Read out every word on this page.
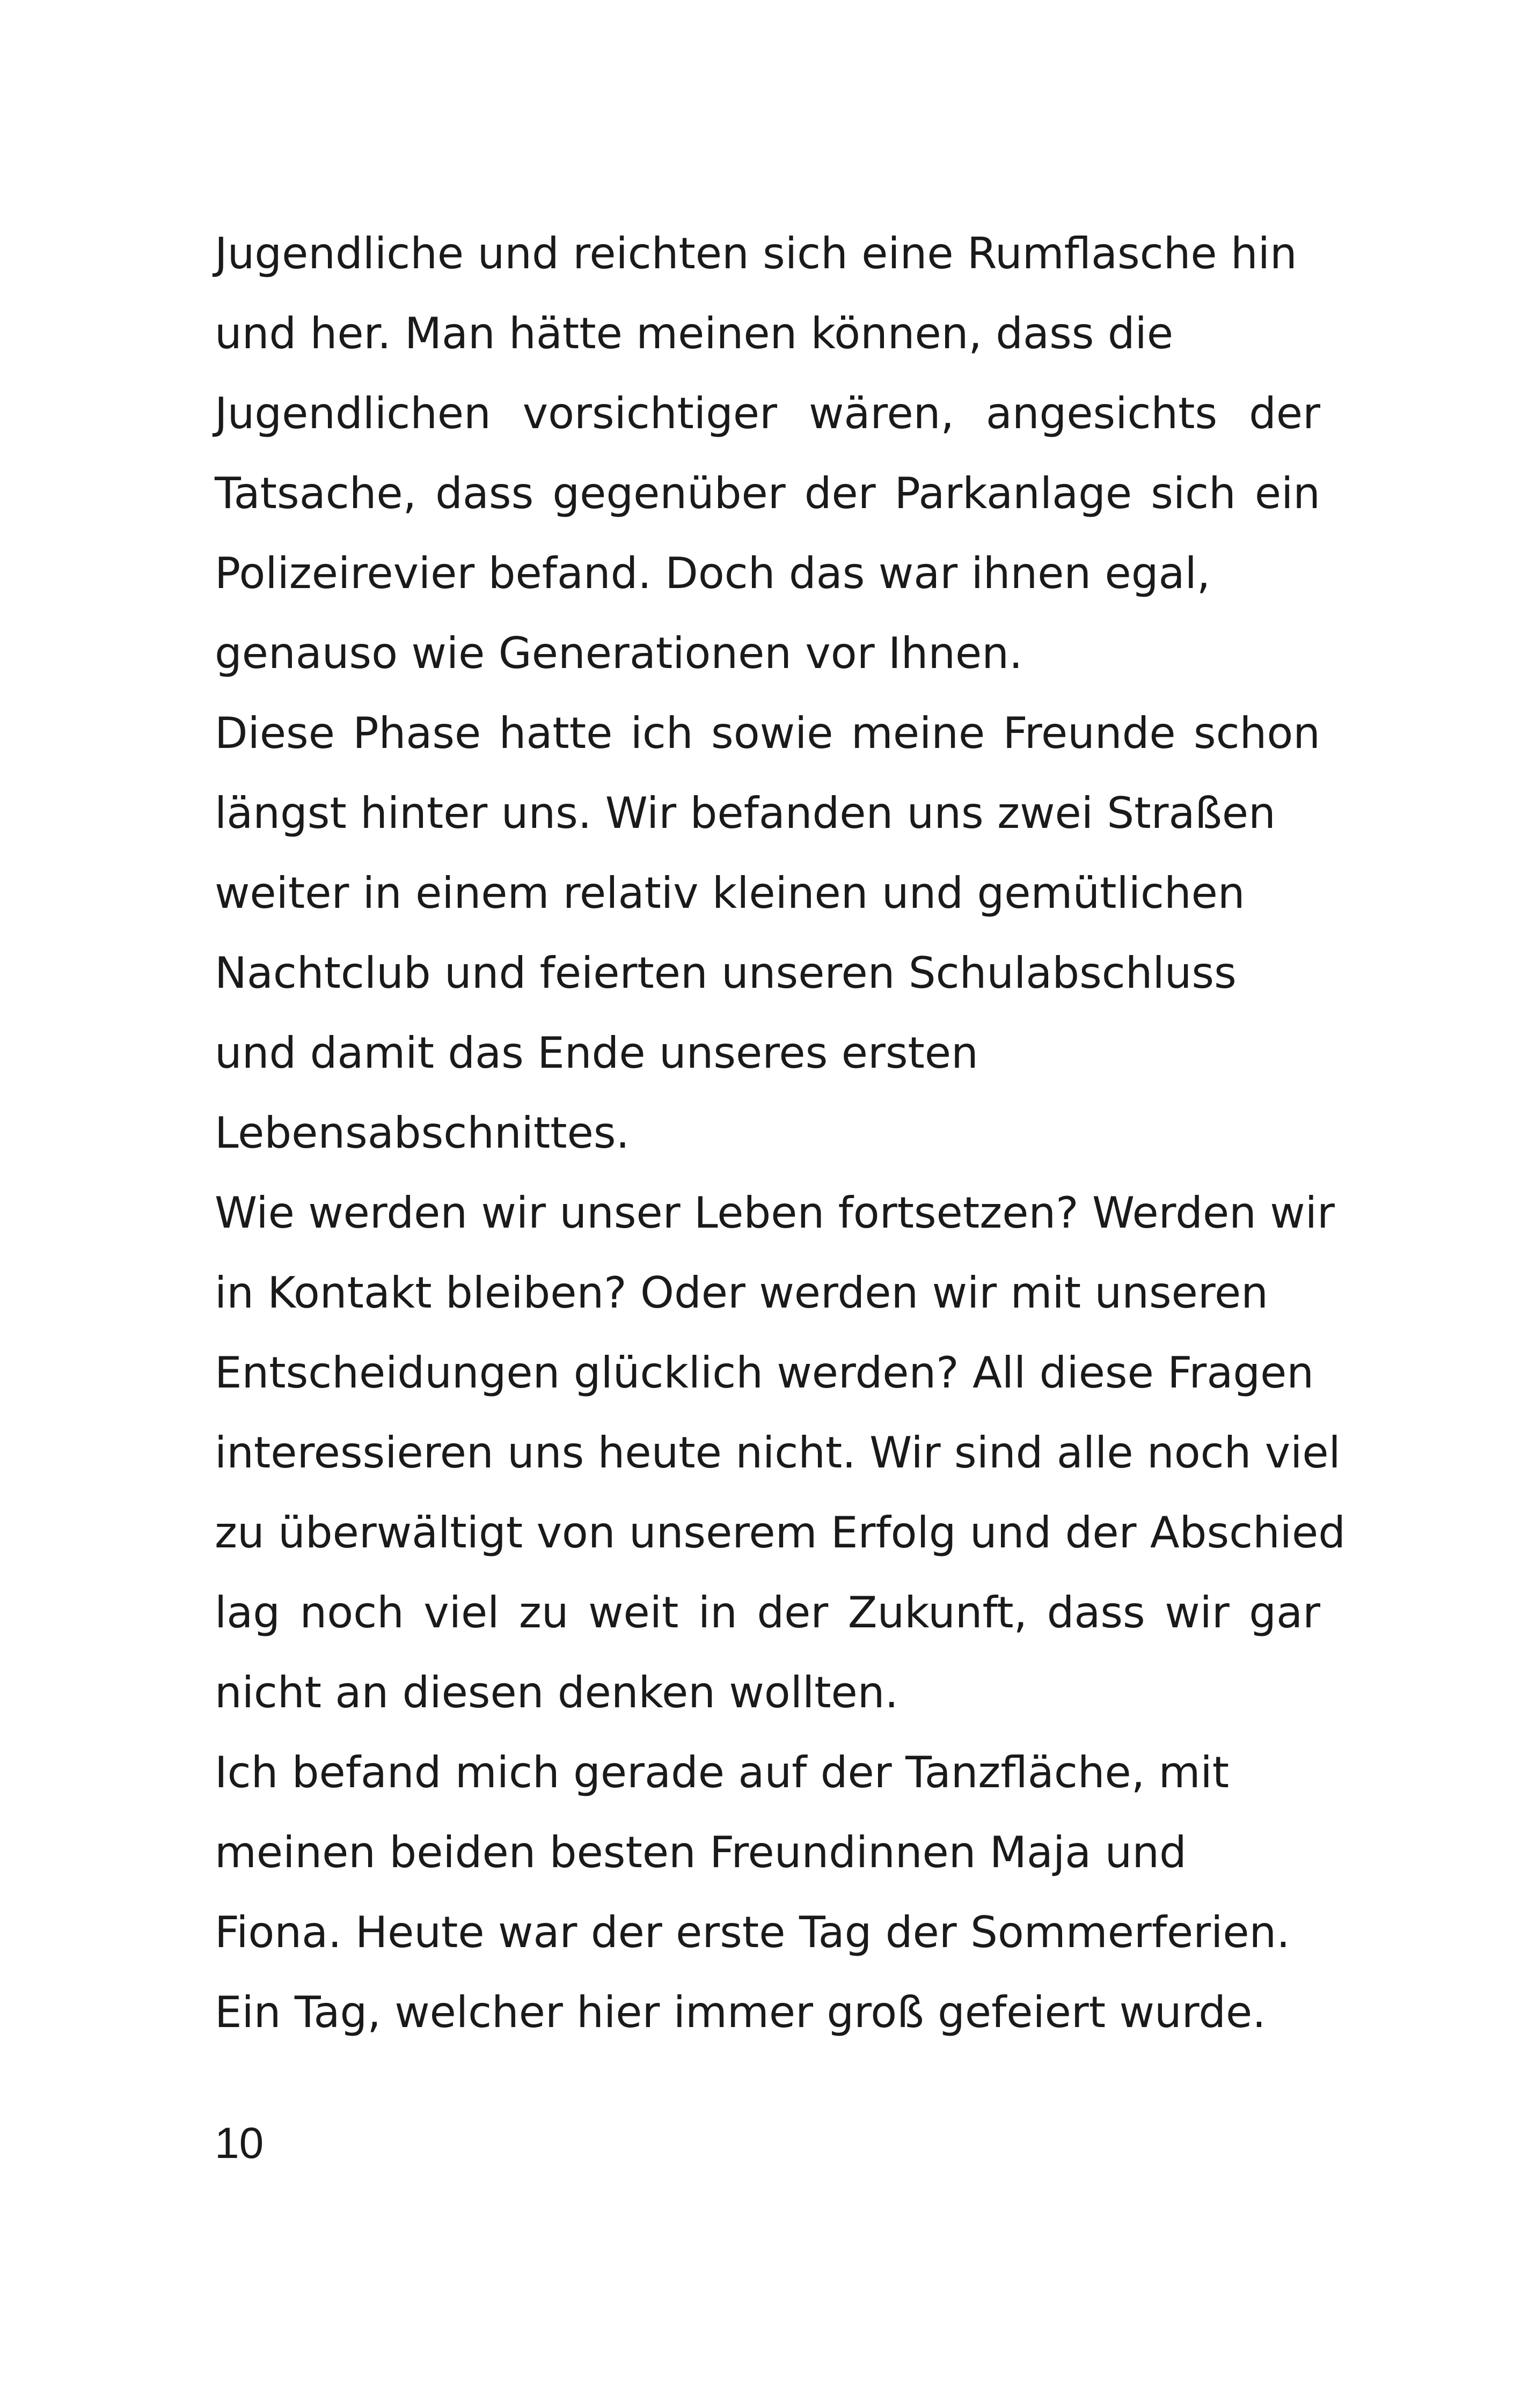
Jugendliche und reichten sich eine Rumflasche hin
und her. Man hätte meinen können, dass die
Jugendlichen vorsichtiger wären, angesichts der
Tatsache, dass gegenüber der Parkanlage sich ein
Polizeirevier befand. Doch das war ihnen egal,
genauso wie Generationen vor Ihnen.
Diese Phase hatte ich sowie meine Freunde schon
längst hinter uns. Wir befanden uns zwei Straßen
weiter in einem relativ kleinen und gemütlichen
Nachtclub und feierten unseren Schulabschluss
und damit das Ende unseres ersten
Lebensabschnittes.
Wie werden wir unser Leben fortsetzen? Werden wir
in Kontakt bleiben? Oder werden wir mit unseren
Entscheidungen glücklich werden? All diese Fragen
interessieren uns heute nicht. Wir sind alle noch viel
zu überwältigt von unserem Erfolg und der Abschied
lag noch viel zu weit in der Zukunft, dass wir gar
nicht an diesen denken wollten.
Ich befand mich gerade auf der Tanzfläche, mit
meinen beiden besten Freundinnen Maja und
Fiona. Heute war der erste Tag der Sommerferien.
Ein Tag, welcher hier immer groß gefeiert wurde.
10
